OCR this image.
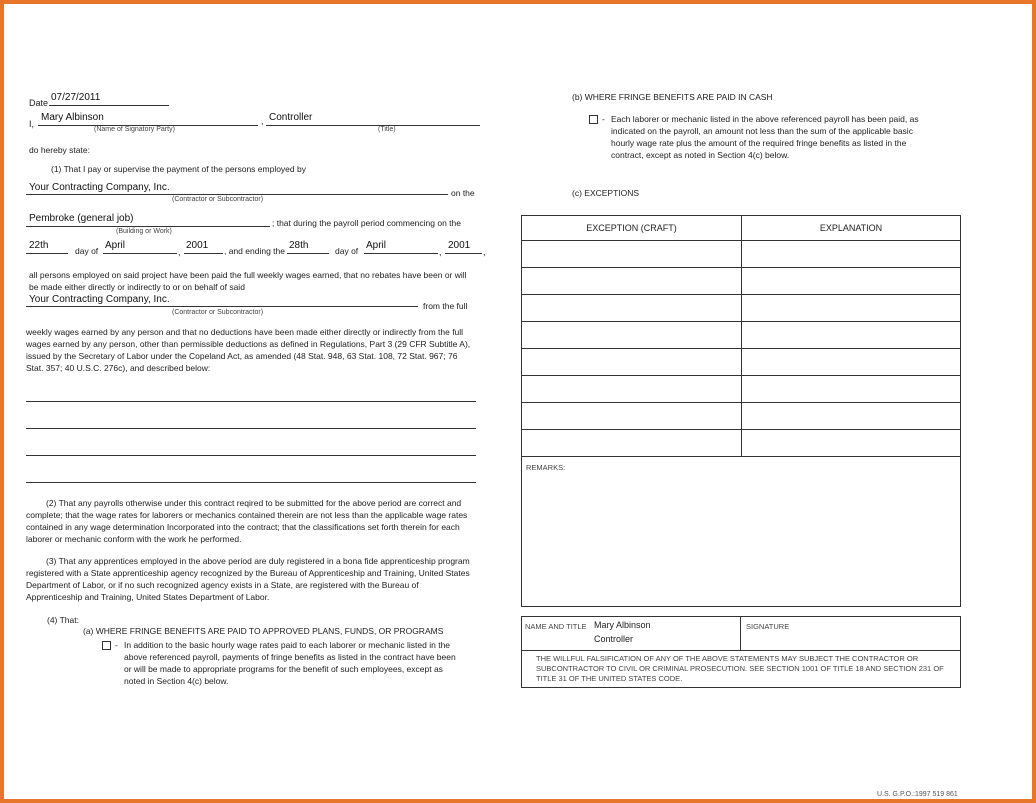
Date 07/27/2011
I,
Mary Albinson	, Controller
(Name of Signatory Party)	(Title)
do hereby state:
(1) That I pay or supervise the payment of the persons employed by
Your Contracting Company, Inc.	on the
(Contractor or Subcontractor)
Pembroke (general job)	; that during the payroll period commencing on the
(Building or Work)
22th	day of April
,
2001 , and ending the 28th	day of April
,
2001
,
all persons employed on said project have been paid the full weekly wages earned, that no rebates have been or will be made either directly or indirectly to or on behalf of said
Your Contracting Company, Inc.
from the full
(Contractor or Subcontractor)
weekly wages earned by any person and that no deductions have been made either directly or indirectly from the full wages earned by any person, other than permissible deductions as defined in Regulations, Part 3 (29 CFR Subtitle A), issued by the Secretary of Labor under the Copeland Act, as amended (48 Stat. 948, 63 Stat. 108, 72 Stat. 967; 76 Stat. 357; 40 U.S.C. 276c), and described below:
(2) That any payrolls otherwise under this contract reqired to be submitted for the above period are correct and complete; that the wage rates for laborers or mechanics contained therein are not less than the applicable wage rates contained in any wage determination Incorporated into the contract; that the classifications set forth therein for each laborer or mechanic conform with the work he performed.
(3) That any apprentices employed in the above period are duly registered in a bona fide apprenticeship program registered with a State apprenticeship agency recognized by the Bureau of Apprenticeship and Training, United States Department of Labor, or if no such recognized agency exists in a State, are registered with the Bureau of Apprenticeship and Training, United States Department of Labor.
(4) That:
(a) WHERE FRINGE BENEFITS ARE PAID TO APPROVED PLANS, FUNDS, OR PROGRAMS
- In addition to the basic hourly wage rates paid to each laborer or mechanic listed in the above referenced payroll, payments of fringe benefits as listed in the contract have been or will be made to appropriate programs for the benefit of such employees, except as noted in Section 4(c) below.
(b) WHERE FRINGE BENEFITS ARE PAID IN CASH
- Each laborer or mechanic listed in the above referenced payroll has been paid, as indicated on the payroll, an amount not less than the sum of the applicable basic hourly wage rate plus the amount of the required fringe benefits as listed in the contract, except as noted in Section 4(c) below.
(c) EXCEPTIONS
EXCEPTION (CRAFT)	EXPLANATION

REMARKS:
NAME AND TITLE Mary Albinson
Controller
SIGNATURE
THE WILLFUL FALSIFICATION OF ANY OF THE ABOVE STATEMENTS MAY SUBJECT THE CONTRACTOR OR SUBCONTRACTOR TO CIVIL OR CRIMINAL PROSECUTION. SEE SECTION 1001 OF TITLE 18 AND SECTION 231 OF TITLE 31 OF THE UNITED STATES CODE.
U.S. G.P.O.:1997 519 861
